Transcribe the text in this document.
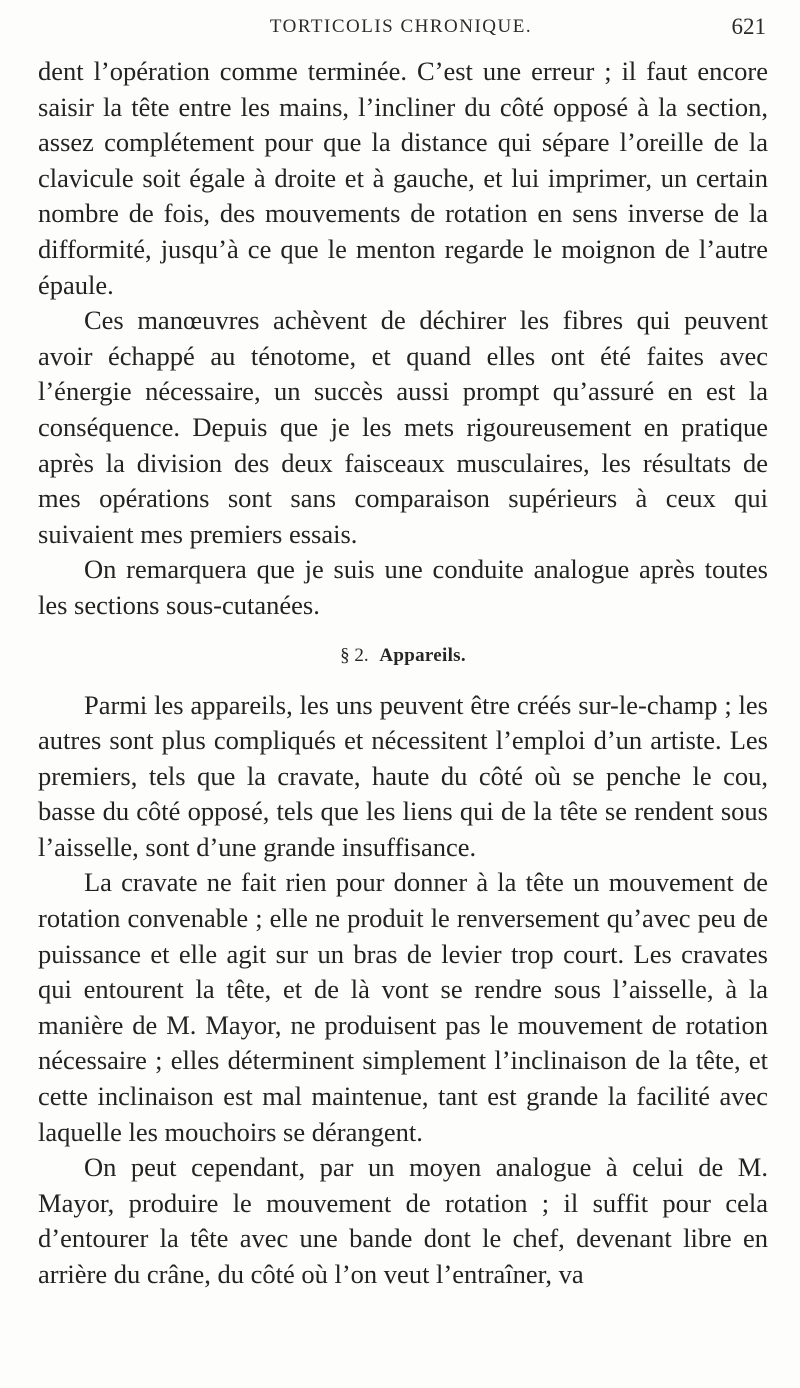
TORTICOLIS CHRONIQUE.	621

dent l’opération comme terminée. C’est une erreur ; il faut encore saisir la tête entre les mains, l’incliner du côté opposé à la section, assez complétement pour que la distance qui sépare l’oreille de la clavicule soit égale à droite et à gauche, et lui imprimer, un certain nombre de fois, des mouvements de rotation en sens inverse de la difformité, jusqu’à ce que le menton regarde le moignon de l’autre épaule.

Ces manœuvres achèvent de déchirer les fibres qui peuvent avoir échappé au ténotome, et quand elles ont été faites avec l’énergie nécessaire, un succès aussi prompt qu’assuré en est la conséquence. Depuis que je les mets rigoureusement en pratique après la division des deux faisceaux musculaires, les résultats de mes opérations sont sans comparaison supérieurs à ceux qui suivaient mes premiers essais.

On remarquera que je suis une conduite analogue après toutes les sections sous-cutanées.

§ 2. Appareils.

Parmi les appareils, les uns peuvent être créés sur-le-champ ; les autres sont plus compliqués et nécessitent l’emploi d’un artiste. Les premiers, tels que la cravate, haute du côté où se penche le cou, basse du côté opposé, tels que les liens qui de la tête se rendent sous l’aisselle, sont d’une grande insuffisance.

La cravate ne fait rien pour donner à la tête un mouvement de rotation convenable ; elle ne produit le renversement qu’avec peu de puissance et elle agit sur un bras de levier trop court. Les cravates qui entourent la tête, et de là vont se rendre sous l’aisselle, à la manière de M. Mayor, ne produisent pas le mouvement de rotation nécessaire ; elles déterminent simplement l’inclinaison de la tête, et cette inclinaison est mal maintenue, tant est grande la facilité avec laquelle les mouchoirs se dérangent.

On peut cependant, par un moyen analogue à celui de M. Mayor, produire le mouvement de rotation ; il suffit pour cela d’entourer la tête avec une bande dont le chef, devenant libre en arrière du crâne, du côté où l’on veut l’entraîner, va
